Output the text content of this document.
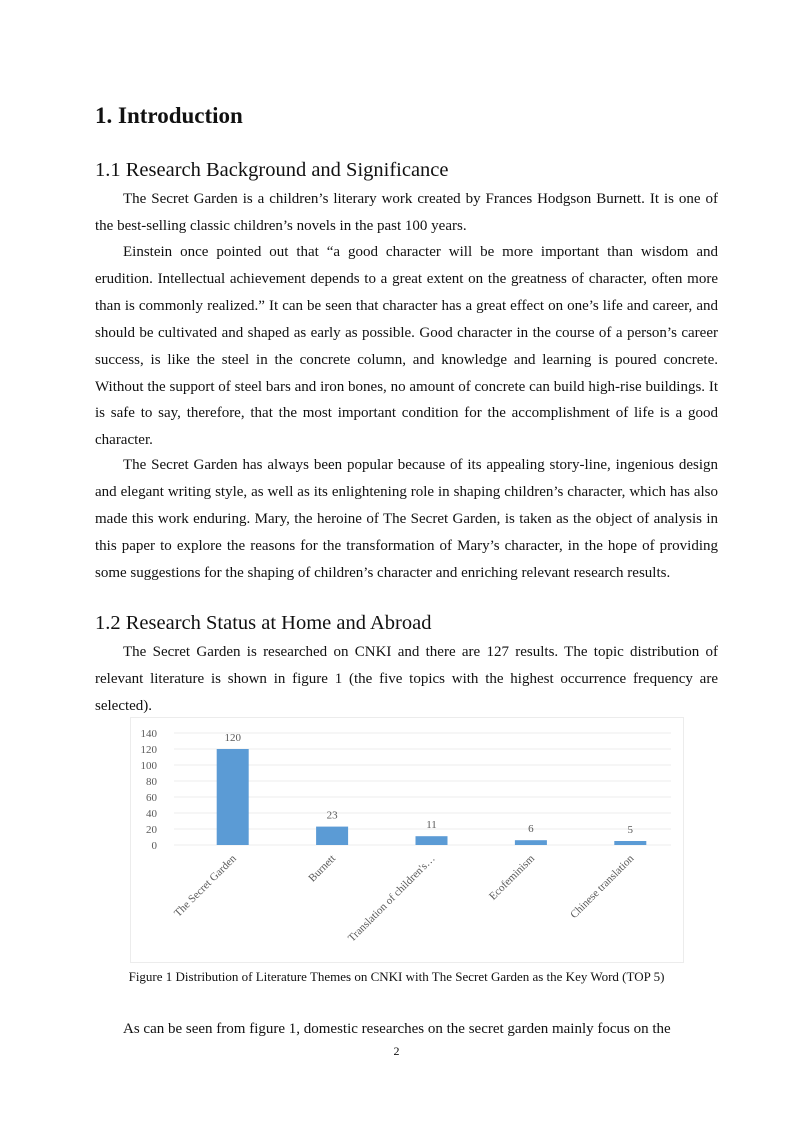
1. Introduction
1.1 Research Background and Significance

The Secret Garden is a children’s literary work created by Frances Hodgson Burnett. It is one of the best-selling classic children’s novels in the past 100 years.

Einstein once pointed out that “a good character will be more important than wisdom and erudition. Intellectual achievement depends to a great extent on the greatness of character, often more than is commonly realized.” It can be seen that character has a great effect on one’s life and career, and should be cultivated and shaped as early as possible. Good character in the course of a person’s career success, is like the steel in the concrete column, and knowledge and learning is poured concrete. Without the support of steel bars and iron bones, no amount of concrete can build high-rise buildings. It is safe to say, therefore, that the most important condition for the accomplishment of life is a good character.

The Secret Garden has always been popular because of its appealing story-line, ingenious design and elegant writing style, as well as its enlightening role in shaping children’s character, which has also made this work enduring. Mary, the heroine of The Secret Garden, is taken as the object of analysis in this paper to explore the reasons for the transformation of Mary’s character, in the hope of providing some suggestions for the shaping of children’s character and enriching relevant research results.

1.2 Research Status at Home and Abroad

The Secret Garden is researched on CNKI and there are 127 results. The topic distribution of relevant literature is shown in figure 1 (the five topics with the highest occurrence frequency are selected).

0
20
40
60
80
100
120
140	120
The Secret Garden
23
Burnett
11
Translation of children's…
6
Ecofeminism
5
Chinese translation

Figure 1 Distribution of Literature Themes on CNKI with The Secret Garden as the Key Word (TOP 5)

As can be seen from figure 1, domestic researches on the secret garden mainly focus on the

2
